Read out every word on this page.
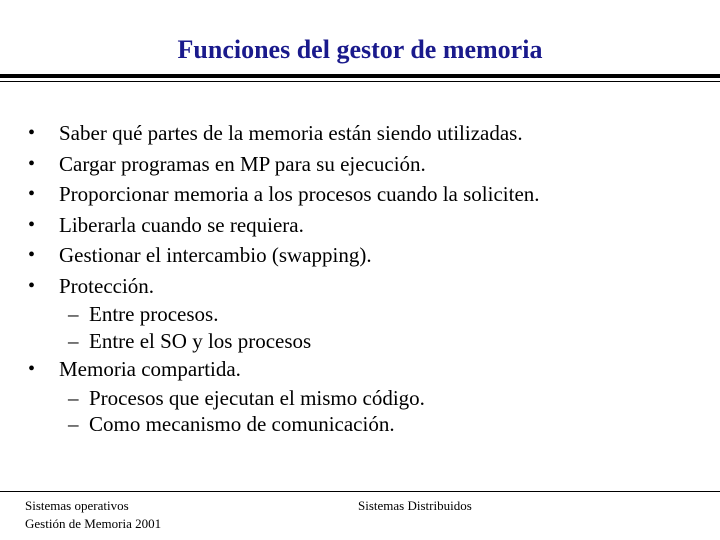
Funciones del gestor de memoria
• Saber qué partes de la memoria están siendo utilizadas.
• Cargar programas en MP para su ejecución.
• Proporcionar memoria a los procesos cuando la soliciten.
• Liberarla cuando se requiera.
• Gestionar el intercambio (swapping).
• Protección.
– Entre procesos.
– Entre el SO y los procesos
• Memoria compartida.
– Procesos que ejecutan el mismo código.
– Como mecanismo de comunicación.
Sistemas operativos
Gestión de Memoria 2001
Sistemas Distribuidos
